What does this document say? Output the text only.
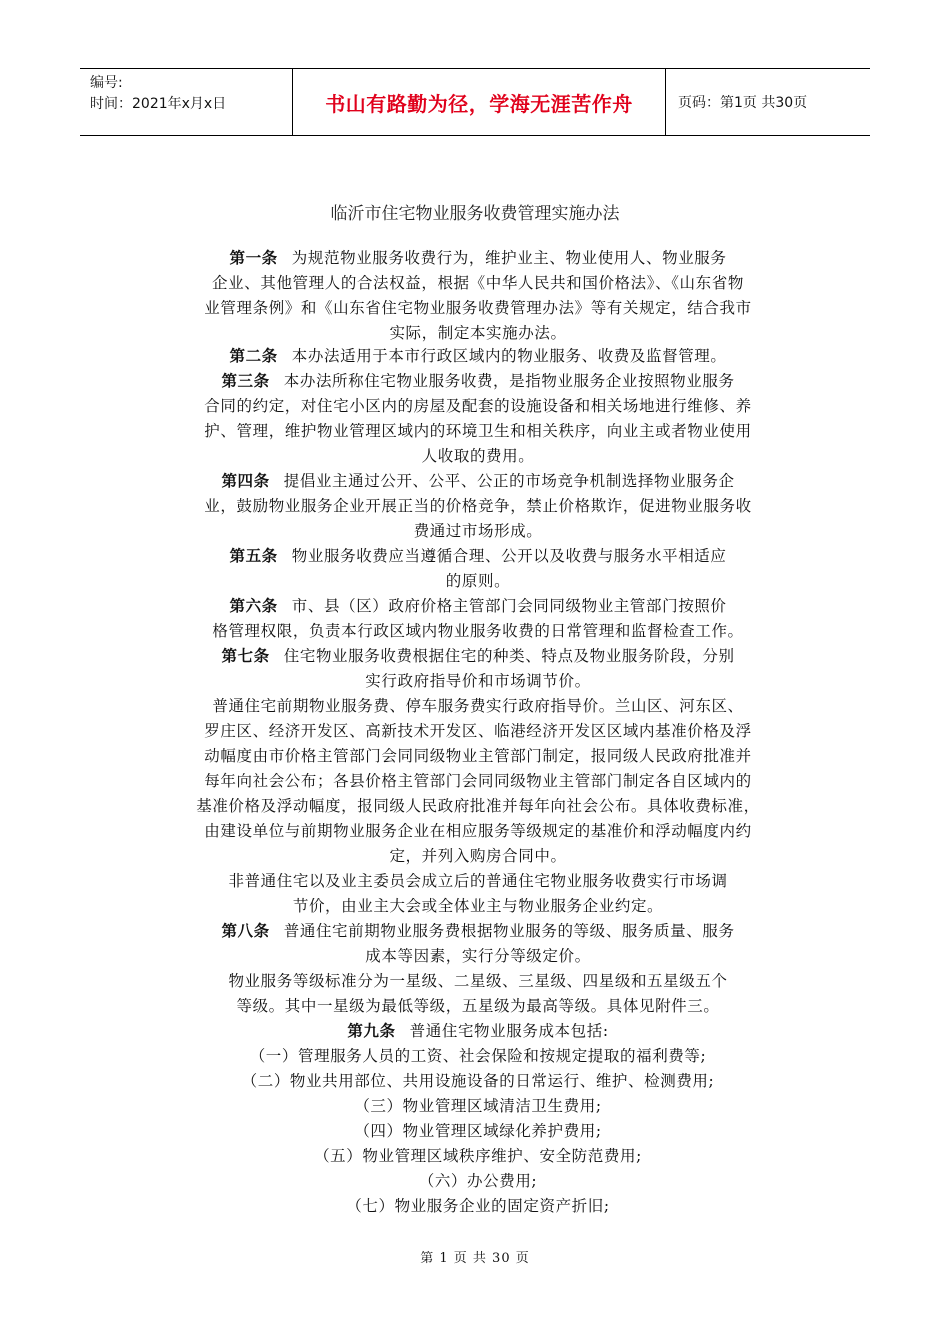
编号:
时间：2021年x月x日	书山有路勤为径，学海无涯苦作舟	页码：第1页 共30页
临沂市住宅物业服务收费管理实施办法
第一条 为规范物业服务收费行为，维护业主、物业使用人、物业服务
企业、其他管理人的合法权益，根据《中华人民共和国价格法》、《山东省物
业管理条例》和《山东省住宅物业服务收费管理办法》等有关规定，结合我市
实际，制定本实施办法。
第二条 本办法适用于本市行政区域内的物业服务、收费及监督管理。
第三条 本办法所称住宅物业服务收费，是指物业服务企业按照物业服务
合同的约定，对住宅小区内的房屋及配套的设施设备和相关场地进行维修、养
护、管理，维护物业管理区域内的环境卫生和相关秩序，向业主或者物业使用
人收取的费用。
第四条 提倡业主通过公开、公平、公正的市场竞争机制选择物业服务企
业，鼓励物业服务企业开展正当的价格竞争，禁止价格欺诈，促进物业服务收
费通过市场形成。
第五条 物业服务收费应当遵循合理、公开以及收费与服务水平相适应
的原则。
第六条 市、县（区）政府价格主管部门会同同级物业主管部门按照价
格管理权限，负责本行政区域内物业服务收费的日常管理和监督检查工作。
第七条 住宅物业服务收费根据住宅的种类、特点及物业服务阶段，分别
实行政府指导价和市场调节价。
普通住宅前期物业服务费、停车服务费实行政府指导价。兰山区、河东区、
罗庄区、经济开发区、高新技术开发区、临港经济开发区区域内基准价格及浮
动幅度由市价格主管部门会同同级物业主管部门制定，报同级人民政府批准并
每年向社会公布；各县价格主管部门会同同级物业主管部门制定各自区域内的
基准价格及浮动幅度，报同级人民政府批准并每年向社会公布。具体收费标准，
由建设单位与前期物业服务企业在相应服务等级规定的基准价和浮动幅度内约
定，并列入购房合同中。
非普通住宅以及业主委员会成立后的普通住宅物业服务收费实行市场调
节价，由业主大会或全体业主与物业服务企业约定。
第八条 普通住宅前期物业服务费根据物业服务的等级、服务质量、服务
成本等因素，实行分等级定价。
物业服务等级标准分为一星级、二星级、三星级、四星级和五星级五个
等级。其中一星级为最低等级，五星级为最高等级。具体见附件三。
第九条 普通住宅物业服务成本包括:
（一）管理服务人员的工资、社会保险和按规定提取的福利费等;
（二）物业共用部位、共用设施设备的日常运行、维护、检测费用;
（三）物业管理区域清洁卫生费用;
（四）物业管理区域绿化养护费用;
（五）物业管理区域秩序维护、安全防范费用;
（六）办公费用;
（七）物业服务企业的固定资产折旧;
第 1 页 共 30 页
